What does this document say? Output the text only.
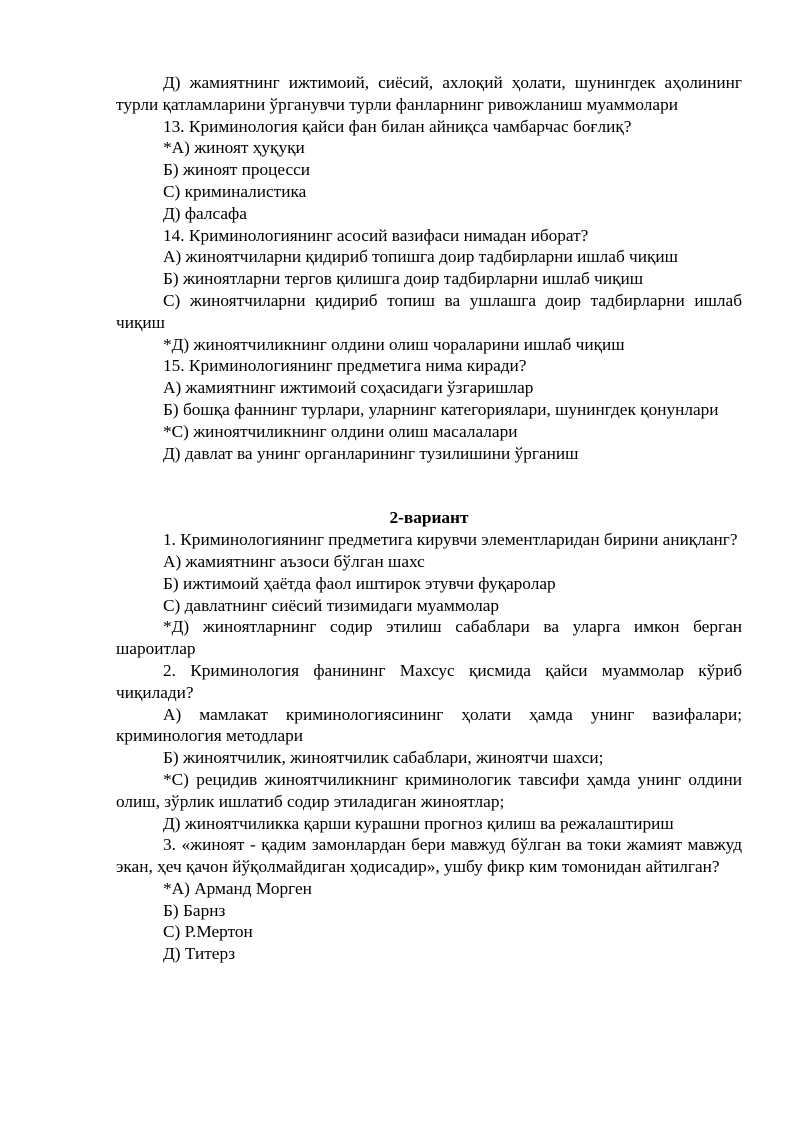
Д) жамиятнинг ижтимоий, сиёсий, ахлоқий ҳолати, шунингдек аҳолининг турли қатламларини ўрганувчи турли фанларнинг ривожланиш муаммолари

13. Криминология қайси фан билан айниқса чамбарчас боғлиқ?

*А) жиноят ҳуқуқи

Б) жиноят процесси

С) криминалистика

Д) фалсафа

14. Криминологиянинг асосий вазифаси нимадан иборат?

А) жиноятчиларни қидириб топишга доир тадбирларни ишлаб чиқиш

Б) жиноятларни тергов қилишга доир тадбирларни ишлаб чиқиш

С) жиноятчиларни қидириб топиш ва ушлашга доир тадбирларни ишлаб чиқиш

*Д) жиноятчиликнинг олдини олиш чораларини ишлаб чиқиш

15. Криминологиянинг предметига нима киради?

А) жамиятнинг ижтимоий соҳасидаги ўзгаришлар

Б) бошқа фаннинг турлари, уларнинг категориялари, шунингдек қонунлари

*С) жиноятчиликнинг олдини олиш масалалари

Д) давлат ва унинг органларининг тузилишини ўрганиш

2-вариант

1. Криминологиянинг предметига кирувчи элементларидан бирини аниқланг?

А) жамиятнинг аъзоси бўлган шахс

Б) ижтимоий ҳаётда фаол иштирок этувчи фуқаролар

С) давлатнинг сиёсий тизимидаги муаммолар

*Д) жиноятларнинг содир этилиш сабаблари ва уларга имкон берган шароитлар

2. Криминология фанининг Махсус қисмида қайси муаммолар кўриб чиқилади?

А) мамлакат криминологиясининг ҳолати ҳамда унинг вазифалари; криминология методлари

Б) жиноятчилик, жиноятчилик сабаблари, жиноятчи шахси;

*С) рецидив жиноятчиликнинг криминологик тавсифи ҳамда унинг олдини олиш, зўрлик ишлатиб содир этиладиган жиноятлар;

Д) жиноятчиликка қарши курашни прогноз қилиш ва режалаштириш

3. «жиноят - қадим замонлардан бери мавжуд бўлган ва токи жамият мавжуд экан, ҳеч қачон йўқолмайдиган ҳодисадир», ушбу фикр ким томонидан айтилган?

*А) Арманд Морген

Б) Барнз

С) Р.Мертон

Д) Титерз
